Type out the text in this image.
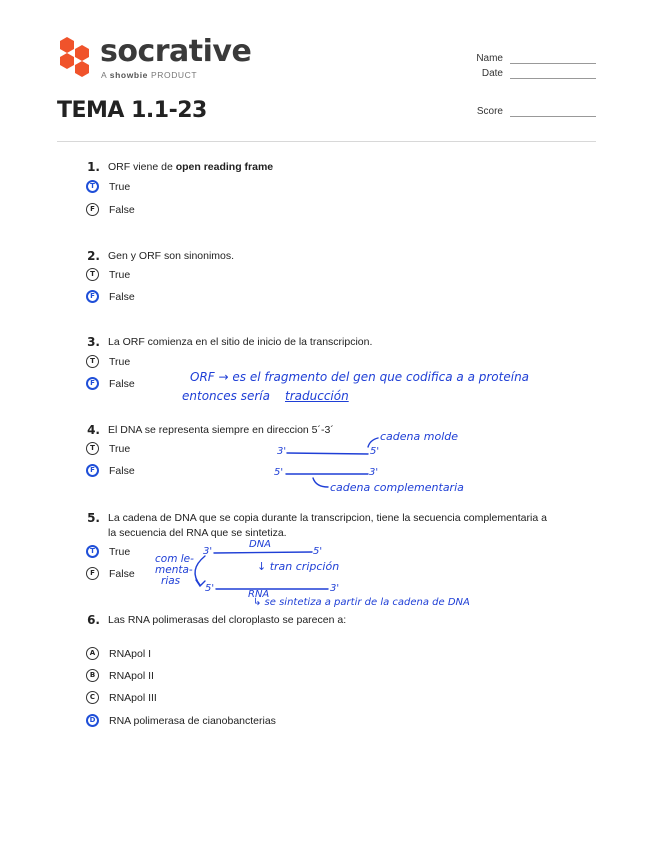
socrative
A showbie PRODUCT
Name
Date
Score
TEMA 1.1-23
1. ORF viene de open reading frame
T	True
F	False
2. Gen y ORF son sinonimos.
T	True
F	False
3. La ORF comienza en el sitio de inicio de la transcripcion.
T	True
F	False	ORF → es el fragmento del gen que codifica a a proteína
entonces sería traducción
4. El DNA se representa siempre en direccion 5´-3´
T	True
F	False
cadena molde
3'	5'
5'	3'
cadena complementaria
5. La cadena de DNA que se copia durante la transcripcion, tiene la secuencia complementaria a
la secuencia del RNA que se sintetiza.
T	True
F	False
com le-
menta-
rias
DNA
3'	5'
↓ tran cripción
5'	3'
RNA
↳ se sintetiza a partir de la cadena de DNA
6. Las RNA polimerasas del cloroplasto se parecen a:
A	RNApol I
B	RNApol II
C	RNApol III
D	RNA polimerasa de cianobancterias
